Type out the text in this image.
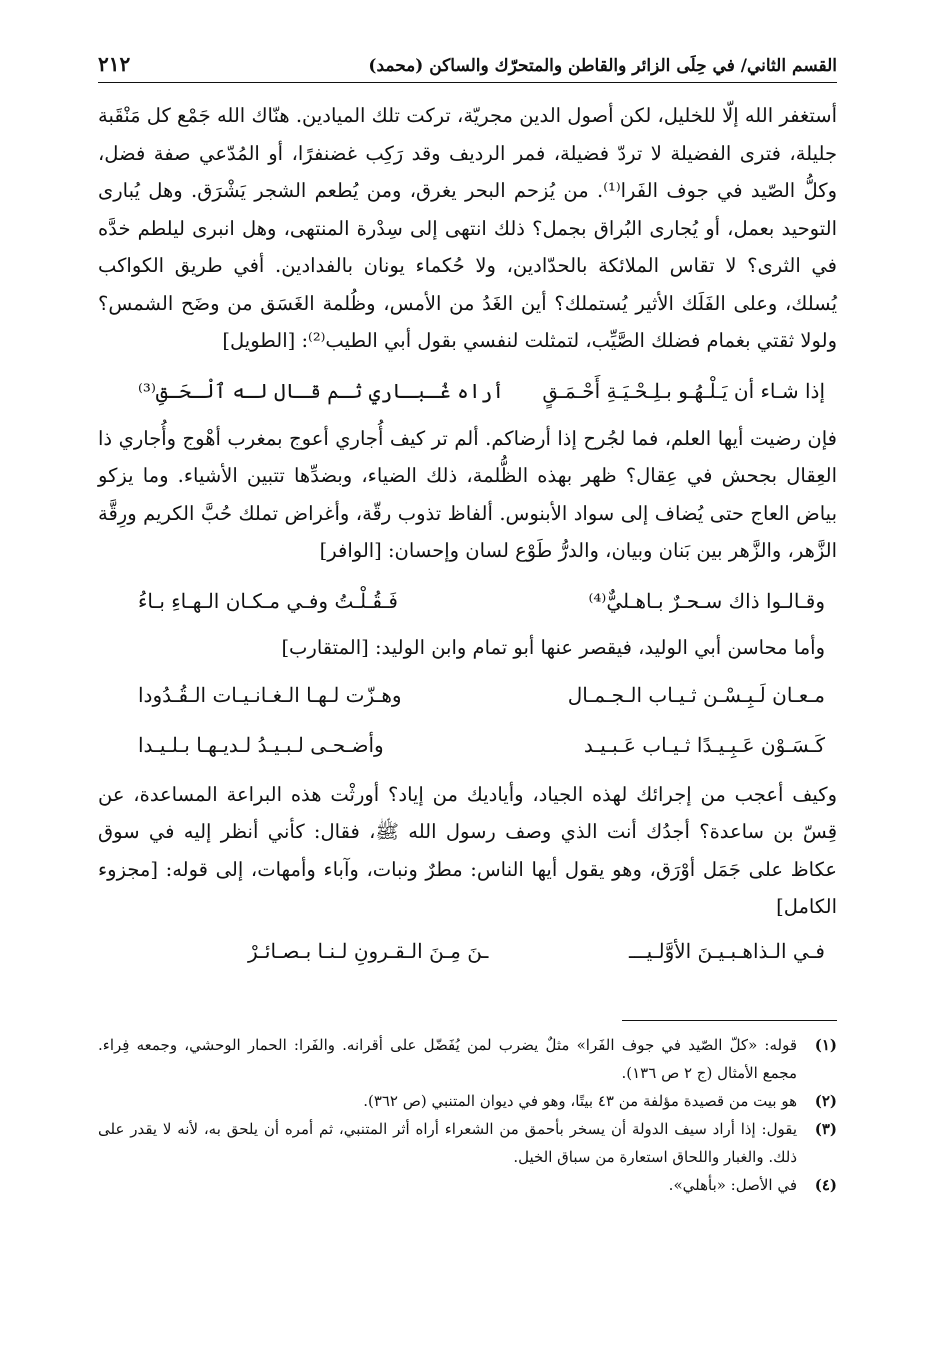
القسم الثاني/ في حِلَى الزائر والقاطن والمتحرّك والساكن (محمد)
٢١٢
أستغفر الله إلّا للخليل، لكن أصول الدين مجريّة، تركت تلك الميادين. هنّاك الله جَمْع كل مَنْقَبة جليلة، فترى الفضيلة لا تردّ فضيلة، فمر الرديف وقد رَكِب غضنفرًا، أو المُدّعي صفة فضل، وكلُّ الصّيد في جوف الفَرا⁽¹⁾. من يُزحم البحر يغرق، ومن يُطعم الشجر يَشْرَق. وهل يُبارى التوحيد بعمل، أو يُجارى البُراق بجمل؟ ذلك انتهى إلى سِدْرة المنتهى، وهل انبرى ليلطم خدَّه في الثرى؟ لا تقاس الملائكة بالحدّادين، ولا حُكماء يونان بالفدادين. أفي طريق الكواكب يُسلك، وعلى الفَلَك الأثير يُستملك؟ أين الغَدُ من الأمس، وظُلمة الغَسَق من وضَح الشمس؟ ولولا ثقتي بغمام فضلك الصَّيِّب، لتمثلت لنفسي بقول أبي الطيب⁽²⁾: [الطويل]
إذا شـاء أن يَـلْـهُـو بـلِـحْـيَـةِ أَحْـمَـقٍ
أراه غُـبـاري ثـم قـال لـه ٱلْـحَـقِ⁽³⁾
فإن رضيت أيها العلم، فما لجُرح إذا أرضاكم. ألم تر كيف أُجاري أعوج بمغرب أهْوج وأُجاري ذا العِقال بجحش في عِقال؟ ظهر بهذه الظُّلمة، ذلك الضياء، وبضدِّها تتبين الأشياء. وما يزكو بياض العاج حتى يُضاف إلى سواد الأبنوس. ألفاظ تذوب رقّة، وأغراض تملك حُبَّ الكريم ورِقَّة الزَّهر، والزَّهر بين بَنان وبيان، والدرُّ طَوْع لسان وإحسان: [الوافر]
وقـالـوا ذاك سـحـرٌ بـاهـليٌّ⁽⁴⁾
فَـقُـلْـتُ وفـي مـكـان الـهـاءِ بـاءُ
وأما محاسن أبي الوليد، فيقصر عنها أبو تمام وابن الوليد: [المتقارب]
مـعـان لَـبِـسْـن ثـيـاب الـجـمـال
وهـزّت لـهـا الـغـانـيـات الـقُـدُودا
كَـسَـوْن عَـبِـيـدًا ثـيـاب عَـبـيـد
وأضـحـى لـبـيـدُ لـديـهـا بـلـيـدا
وكيف أعجب من إجرائك لهذه الجياد، وأياديك من إياد؟ أورثْت هذه البراعة المساعدة، عن قِسّ بن ساعدة؟ أجدُك أنت الذي وصف رسول الله ﷺ، فقال: كأني أنظر إليه في سوق عكاظ على جَمَل أوْرَق، وهو يقول أيها الناس: مطرٌ ونبات، وآباء وأمهات، إلى قوله: [مجزوء الكامل]
فـي الـذاهـبـيـنَ الأوَّلـيـــ
ـنَ مِـنَ الـقـرونِ لـنـا بـصـائـرْ
(١)
قوله: «كلّ الصّيد في جوف الفَرا» مثلٌ يضرب لمن يُفَضّل على أقرانه. والفَرا: الحمار الوحشي، وجمعه فِراء. مجمع الأمثال (ج ٢ ص ١٣٦).
(٢)
هو بيت من قصيدة مؤلفة من ٤٣ بيتًا، وهو في ديوان المتنبي (ص ٣٦٢).
(٣)
يقول: إذا أراد سيف الدولة أن يسخر بأحمق من الشعراء أراه أثر المتنبي، ثم أمره أن يلحق به، لأنه لا يقدر على ذلك. والغبار واللحاق استعارة من سباق الخيل.
(٤)
في الأصل: «بأهلي».
